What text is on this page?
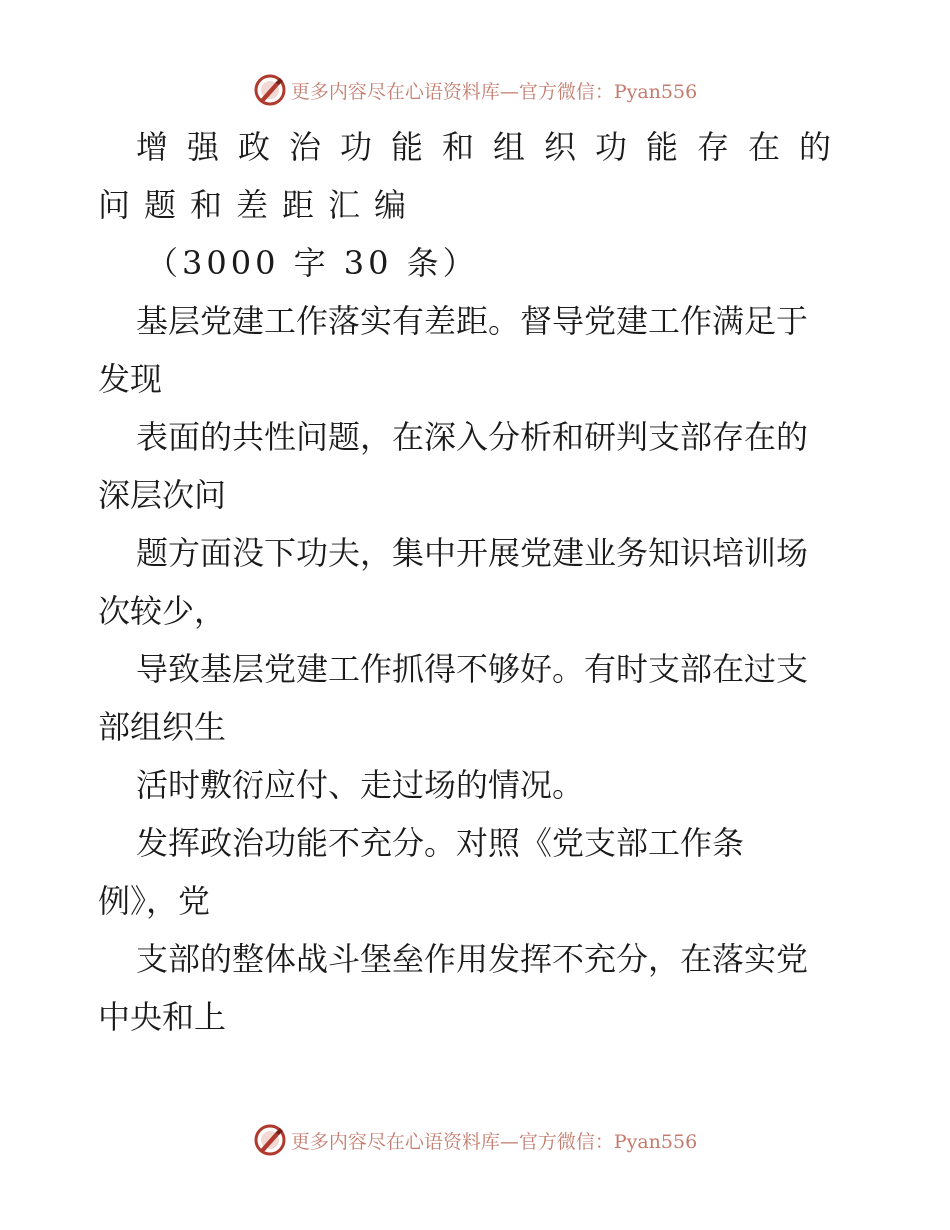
更多内容尽在心语资料库—官方微信：Pyan556
增强政治功能和组织功能存在的
问题和差距汇编
（3000 字 30 条）
基层党建工作落实有差距。督导党建工作满足于
发现
表面的共性问题，在深入分析和研判支部存在的
深层次问
题方面没下功夫，集中开展党建业务知识培训场
次较少，
导致基层党建工作抓得不够好。有时支部在过支
部组织生
活时敷衍应付、走过场的情况。
发挥政治功能不充分。对照《党支部工作条
例》，党
支部的整体战斗堡垒作用发挥不充分，在落实党
中央和上
更多内容尽在心语资料库—官方微信：Pyan556
